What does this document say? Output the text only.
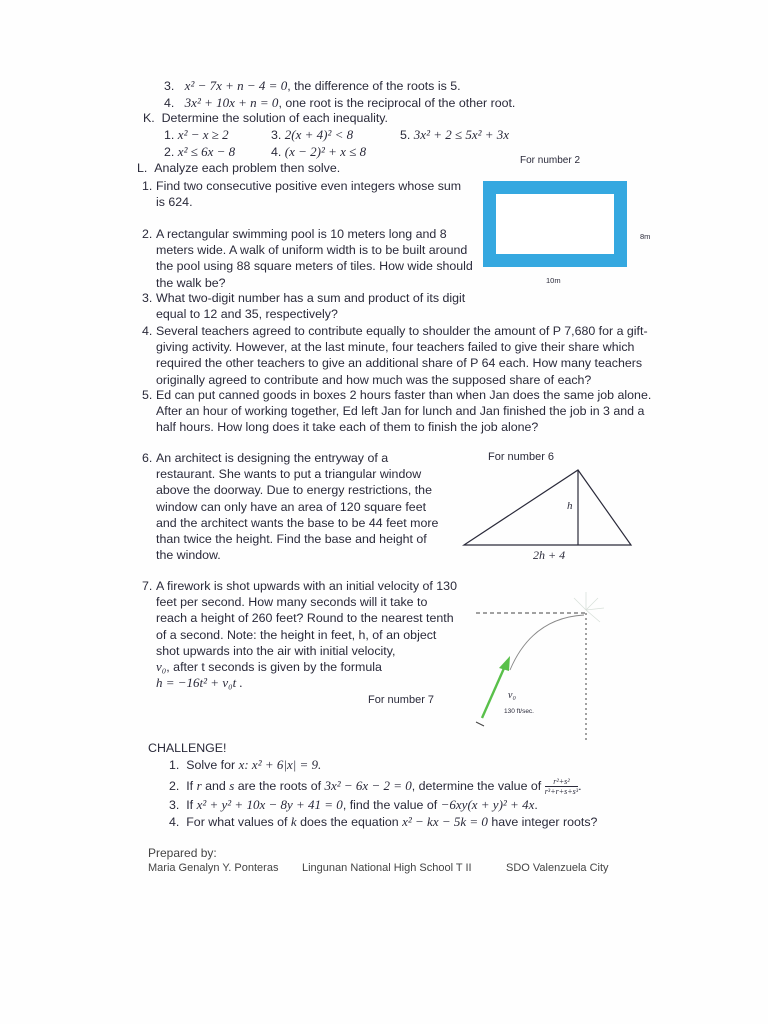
3. x² − 7x + n − 4 = 0, the difference of the roots is 5.
4. 3x² + 10x + n = 0, one root is the reciprocal of the other root.
K. Determine the solution of each inequality.
1. x² − x ≥ 2	3. 2(x + 4)² < 8	5. 3x² + 2 ≤ 5x² + 3x
2. x² ≤ 6x − 8	4. (x − 2)² + x ≤ 8
L. Analyze each problem then solve.
For number 2
8m
10m
1. Find two consecutive positive even integers whose sum is 624.
2. A rectangular swimming pool is 10 meters long and 8 meters wide. A walk of uniform width is to be built around the pool using 88 square meters of tiles. How wide should the walk be?
3. What two-digit number has a sum and product of its digit equal to 12 and 35, respectively?
4. Several teachers agreed to contribute equally to shoulder the amount of P 7,680 for a gift-giving activity. However, at the last minute, four teachers failed to give their share which required the other teachers to give an additional share of P 64 each. How many teachers originally agreed to contribute and how much was the supposed share of each?
5. Ed can put canned goods in boxes 2 hours faster than when Jan does the same job alone. After an hour of working together, Ed left Jan for lunch and Jan finished the job in 3 and a half hours. How long does it take each of them to finish the job alone?
6. An architect is designing the entryway of a restaurant. She wants to put a triangular window above the doorway. Due to energy restrictions, the window can only have an area of 120 square feet and the architect wants the base to be 44 feet more than twice the height. Find the base and height of the window.
For number 6
h
2h + 4
7. A firework is shot upwards with an initial velocity of 130 feet per second. How many seconds will it take to reach a height of 260 feet? Round to the nearest tenth of a second. Note: the height in feet, h, of an object shot upwards into the air with initial velocity,
v₀, after t seconds is given by the formula
h = −16t² + v₀t .
For number 7	v₀
130 ft/sec.
CHALLENGE!
1. Solve for x: x² + 6|x| = 9.
2. If r and s are the roots of 3x² − 6x − 2 = 0, determine the value of $\frac{\text{r²+s²}}{\text{r³+r+s+s³}}$ .
3. If x² + y² + 10x − 8y + 41 = 0, find the value of −6xy(x + y)² + 4x.
4. For what values of k does the equation x² − kx − 5k = 0 have integer roots?
Prepared by:
Maria Genalyn Y. Ponteras Lingunan National High School T II	SDO Valenzuela City
